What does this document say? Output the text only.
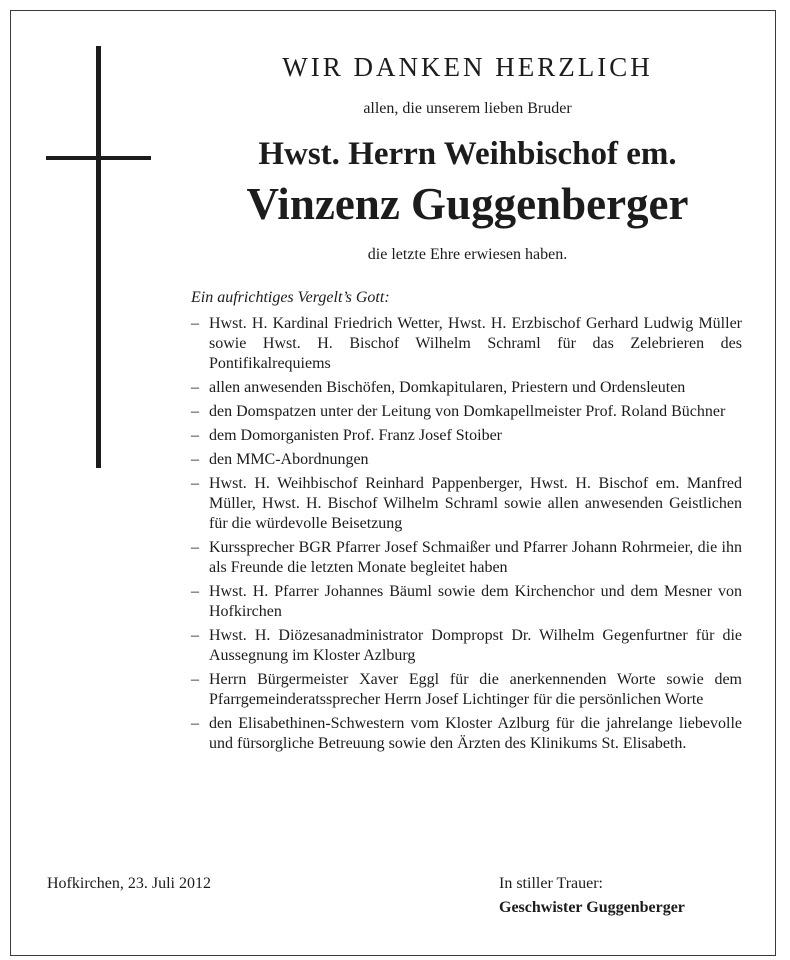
WIR DANKEN HERZLICH
allen, die unserem lieben Bruder
Hwst. Herrn Weihbischof em.
Vinzenz Guggenberger
die letzte Ehre erwiesen haben.
Ein aufrichtiges Vergelt’s Gott:
– Hwst. H. Kardinal Friedrich Wetter, Hwst. H. Erzbischof Gerhard Ludwig Müller sowie Hwst. H. Bischof Wilhelm Schraml für das Zelebrieren des Pontifikalrequiems
– allen anwesenden Bischöfen, Domkapitularen, Priestern und Ordensleuten
– den Domspatzen unter der Leitung von Domkapellmeister Prof. Roland Büchner
– dem Domorganisten Prof. Franz Josef Stoiber
– den MMC-Abordnungen
– Hwst. H. Weihbischof Reinhard Pappenberger, Hwst. H. Bischof em. Manfred Müller, Hwst. H. Bischof Wilhelm Schraml sowie allen anwesenden Geistlichen für die würdevolle Beisetzung
– Kurssprecher BGR Pfarrer Josef Schmaißer und Pfarrer Johann Rohrmeier, die ihn als Freunde die letzten Monate begleitet haben
– Hwst. H. Pfarrer Johannes Bäuml sowie dem Kirchenchor und dem Mesner von Hofkirchen
– Hwst. H. Diözesanadministrator Dompropst Dr. Wilhelm Gegenfurtner für die Aussegnung im Kloster Azlburg
– Herrn Bürgermeister Xaver Eggl für die anerkennenden Worte sowie dem Pfarrgemeinderatssprecher Herrn Josef Lichtinger für die persönlichen Worte
– den Elisabethinen-Schwestern vom Kloster Azlburg für die jahrelange liebevolle und fürsorgliche Betreuung sowie den Ärzten des Klinikums St. Elisabeth.
Hofkirchen, 23. Juli 2012	In stiller Trauer:
Geschwister Guggenberger
